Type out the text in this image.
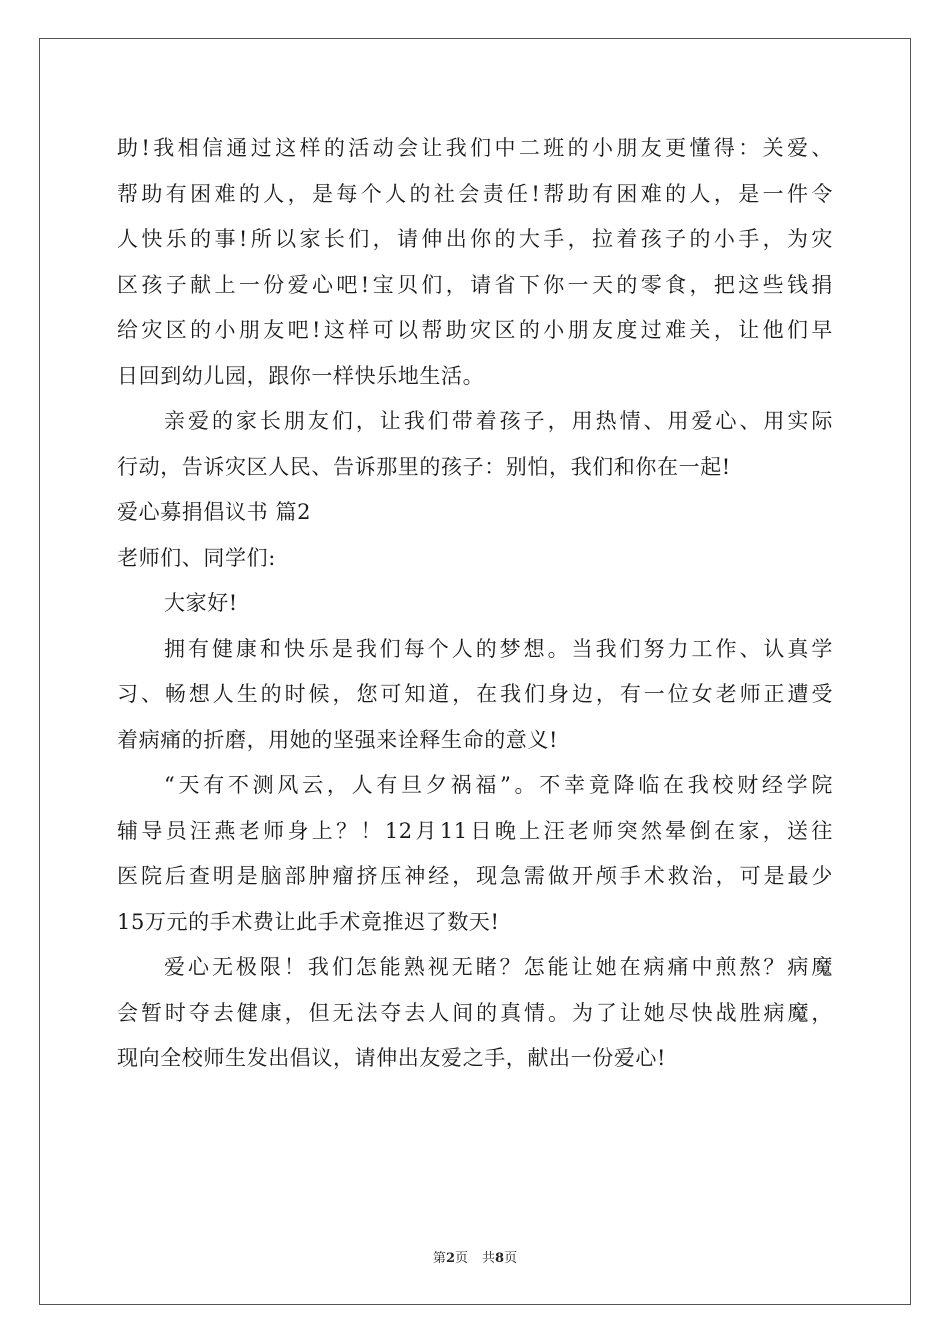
助!我相信通过这样的活动会让我们中二班的小朋友更懂得：关爱、
帮助有困难的人，是每个人的社会责任!帮助有困难的人，是一件令
人快乐的事!所以家长们，请伸出你的大手，拉着孩子的小手，为灾
区孩子献上一份爱心吧!宝贝们，请省下你一天的零食，把这些钱捐
给灾区的小朋友吧!这样可以帮助灾区的小朋友度过难关，让他们早
日回到幼儿园，跟你一样快乐地生活。
亲爱的家长朋友们，让我们带着孩子，用热情、用爱心、用实际
行动，告诉灾区人民、告诉那里的孩子：别怕，我们和你在一起!
爱心募捐倡议书 篇2
老师们、同学们:
大家好!
拥有健康和快乐是我们每个人的梦想。当我们努力工作、认真学
习、畅想人生的时候，您可知道，在我们身边，有一位女老师正遭受
着病痛的折磨，用她的坚强来诠释生命的意义!
“天有不测风云，人有旦夕祸福”。不幸竟降临在我校财经学院
辅导员汪燕老师身上？！12月11日晚上汪老师突然晕倒在家，送往
医院后查明是脑部肿瘤挤压神经，现急需做开颅手术救治，可是最少
15万元的手术费让此手术竟推迟了数天!
爱心无极限！我们怎能熟视无睹？怎能让她在病痛中煎熬？病魔
会暂时夺去健康，但无法夺去人间的真情。为了让她尽快战胜病魔，
现向全校师生发出倡议，请伸出友爱之手，献出一份爱心!
第2页 共8页
